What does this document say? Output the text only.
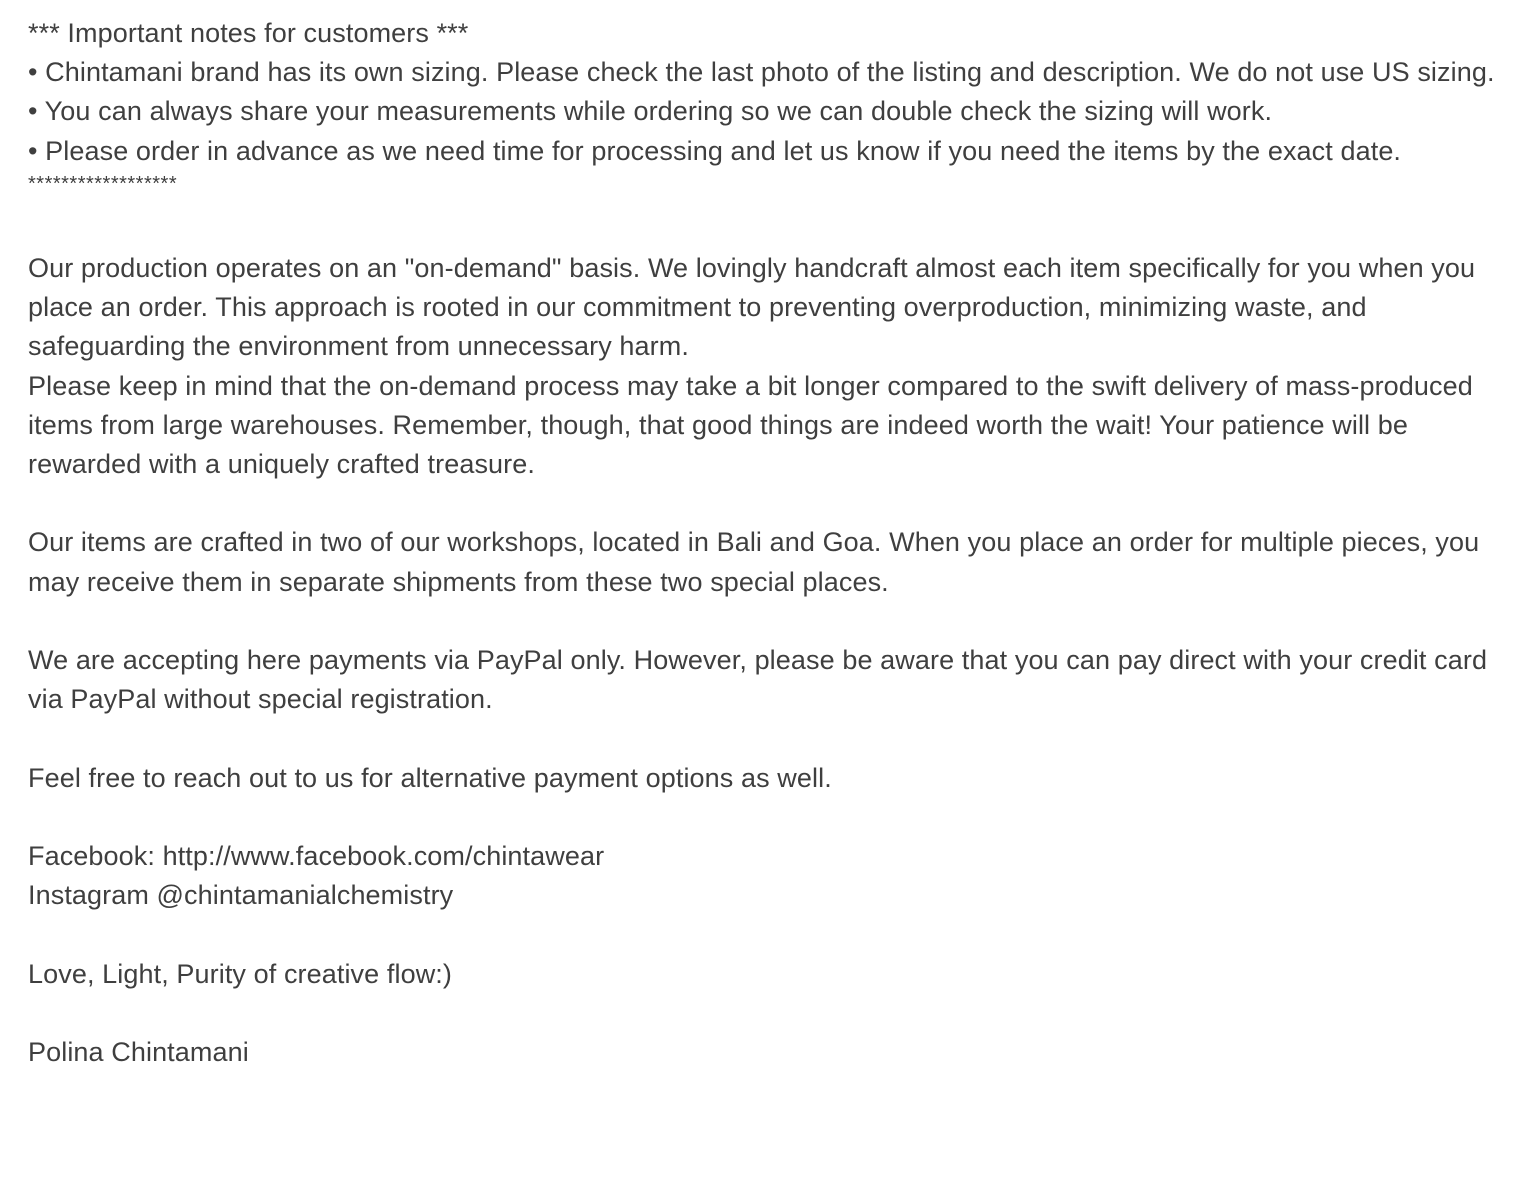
*** Important notes for customers ***
• Chintamani brand has its own sizing. Please check the last photo of the listing and description. We do not use US sizing.
• You can always share your measurements while ordering so we can double check the sizing will work.
• Please order in advance as we need time for processing and let us know if you need the items by the exact date.
******************
Our production operates on an "on-demand" basis. We lovingly handcraft almost each item specifically for you when you place an order. This approach is rooted in our commitment to preventing overproduction, minimizing waste, and safeguarding the environment from unnecessary harm.
Please keep in mind that the on-demand process may take a bit longer compared to the swift delivery of mass-produced items from large warehouses. Remember, though, that good things are indeed worth the wait! Your patience will be rewarded with a uniquely crafted treasure.
Our items are crafted in two of our workshops, located in Bali and Goa. When you place an order for multiple pieces, you may receive them in separate shipments from these two special places.
We are accepting here payments via PayPal only. However, please be aware that you can pay direct with your credit card via PayPal without special registration.
Feel free to reach out to us for alternative payment options as well.
Facebook: http://www.facebook.com/chintawear
Instagram @chintamanialchemistry
Love, Light, Purity of creative flow:)
Polina Chintamani
